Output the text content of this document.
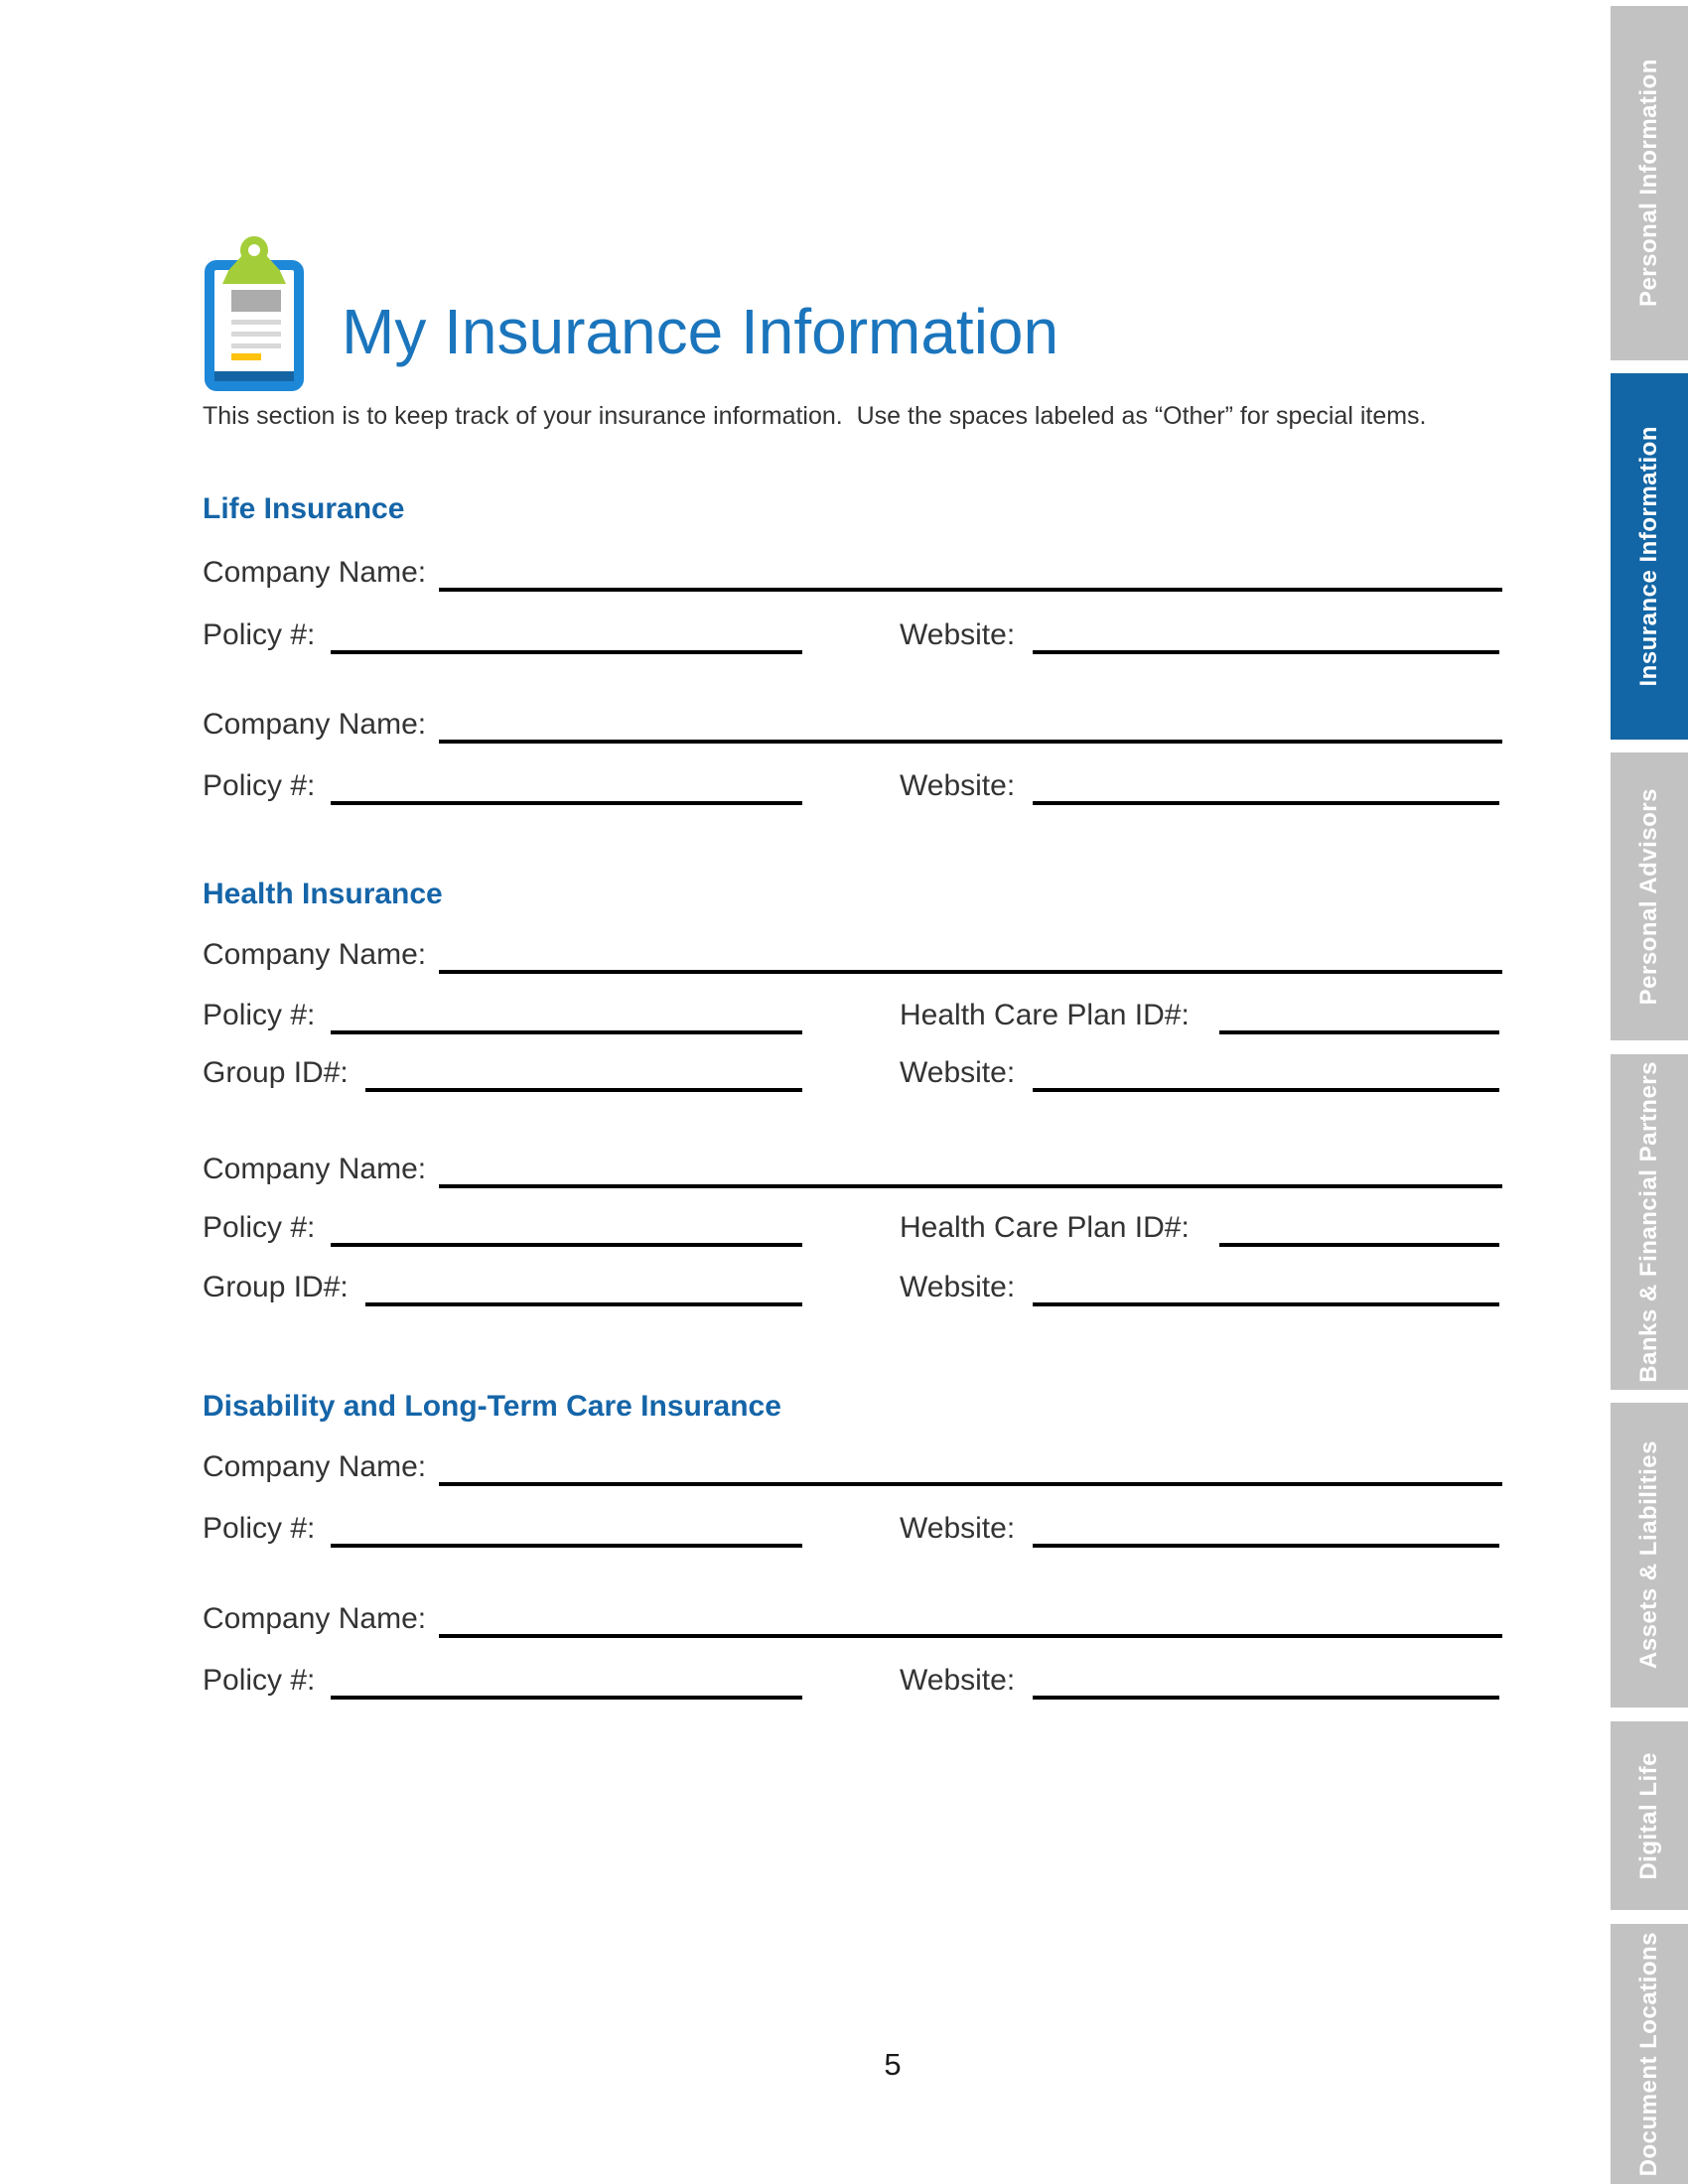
My Insurance Information
This section is to keep track of your insurance information.  Use the spaces labeled as “Other” for special items.
Life Insurance
Company Name:
Policy #:	Website:
Company Name:
Policy #:	Website:
Health Insurance
Company Name:
Policy #:	Health Care Plan ID#:
Group ID#:	Website:
Company Name:
Policy #:	Health Care Plan ID#:
Group ID#:	Website:
Disability and Long-Term Care Insurance
Company Name:
Policy #:	Website:
Company Name:
Policy #:	Website:
5
Personal Information
Insurance Information
Personal Advisors
Banks & Financial Partners
Assets & Liabilities
Digital Life
Document Locations
